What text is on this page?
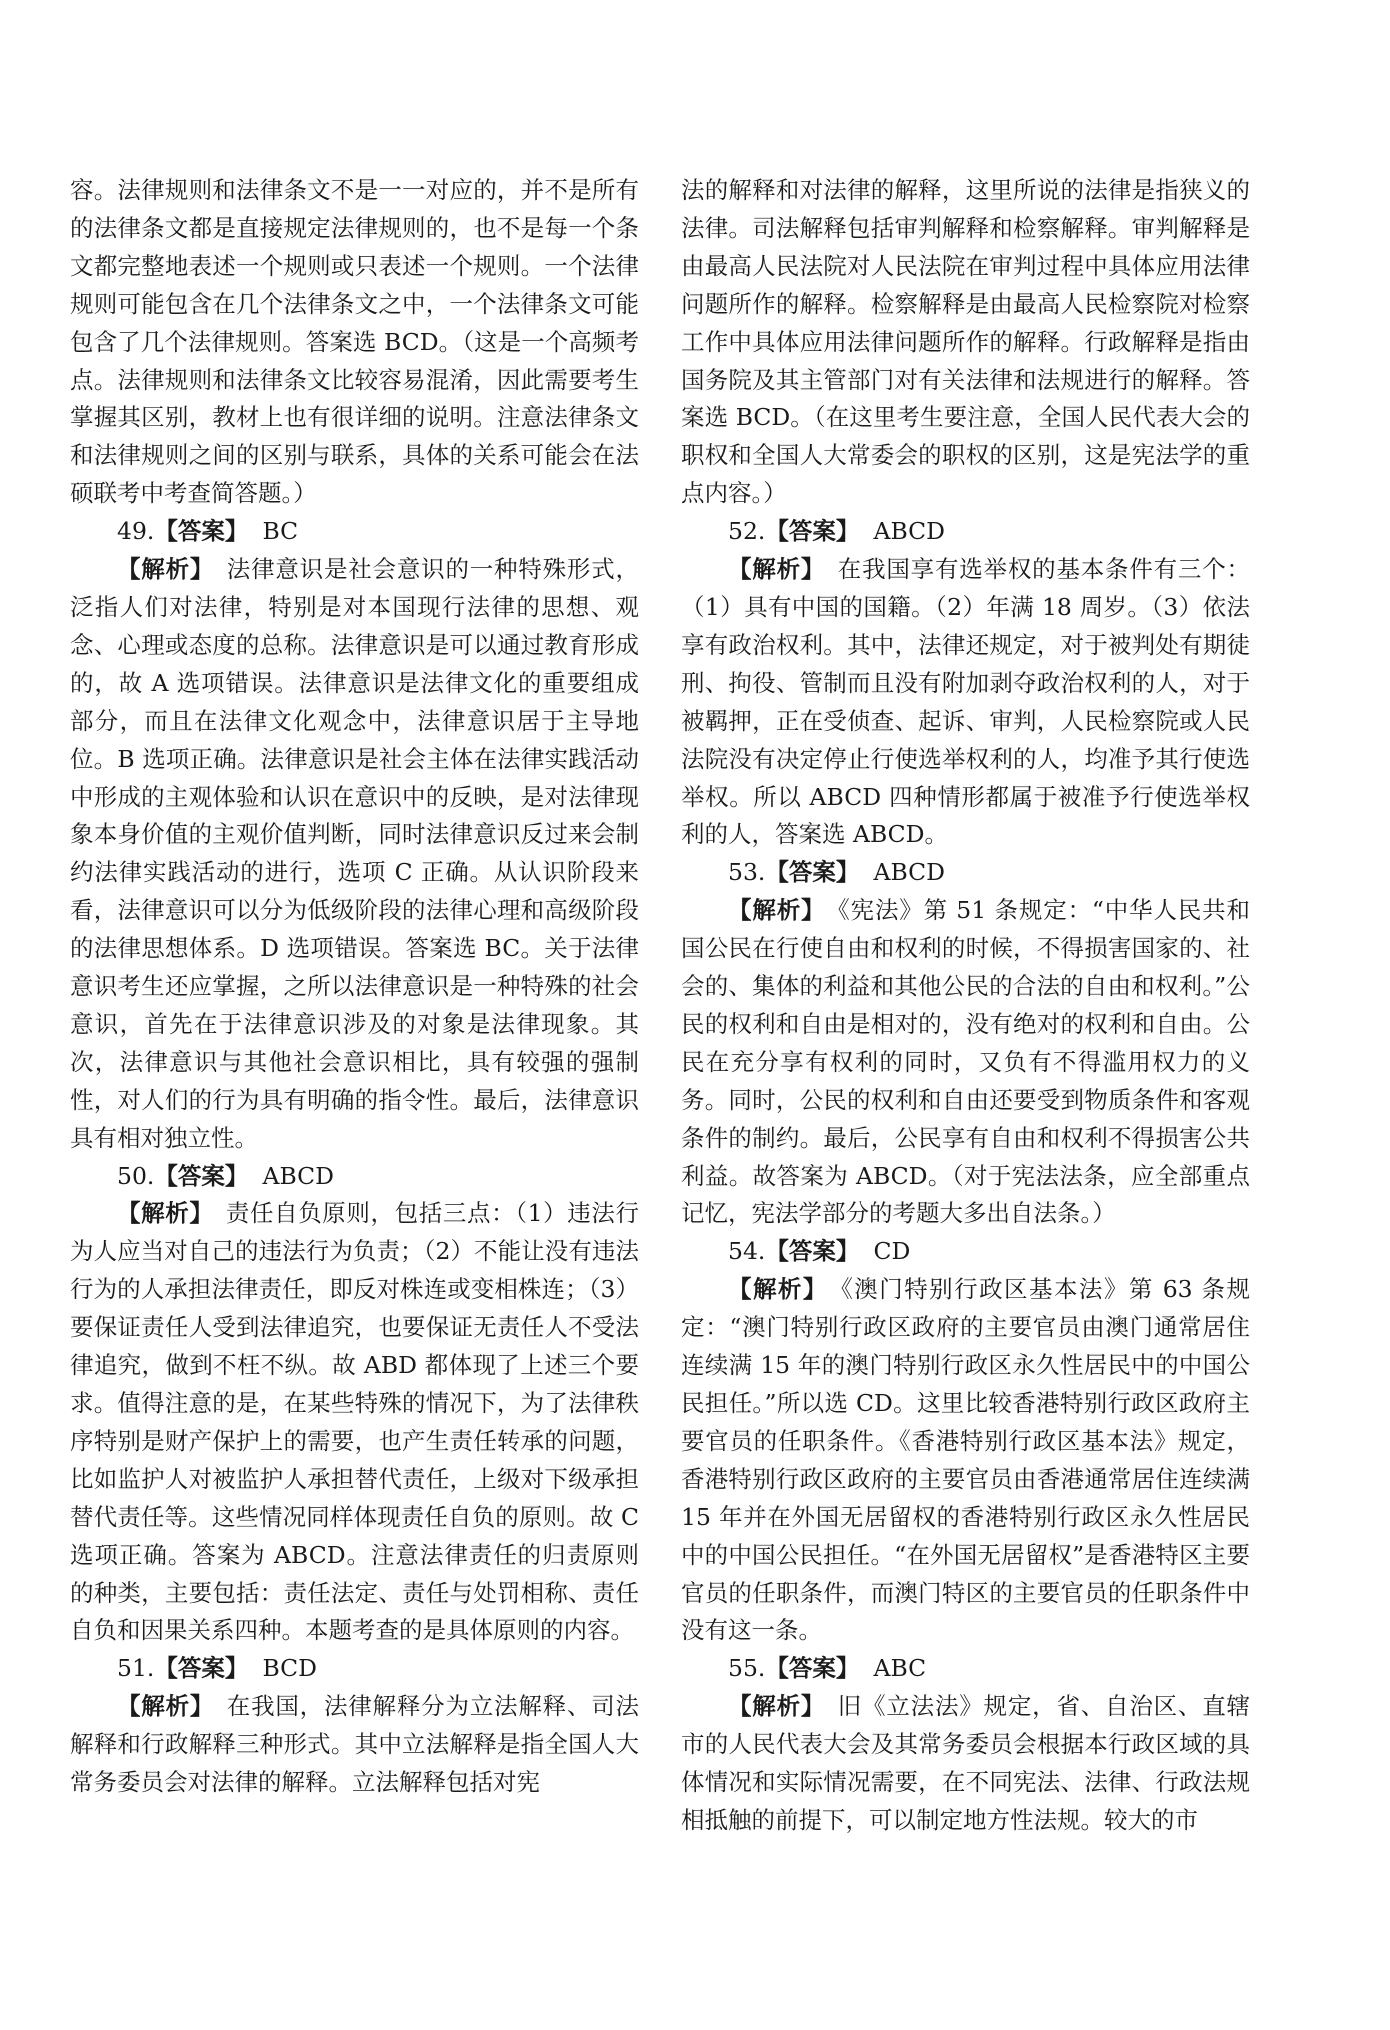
容。法律规则和法律条文不是一一对应的，并不是所有的法律条文都是直接规定法律规则的，也不是每一个条文都完整地表述一个规则或只表述一个规则。一个法律规则可能包含在几个法律条文之中，一个法律条文可能包含了几个法律规则。答案选 BCD。（这是一个高频考点。法律规则和法律条文比较容易混淆，因此需要考生掌握其区别，教材上也有很详细的说明。注意法律条文和法律规则之间的区别与联系，具体的关系可能会在法硕联考中考查简答题。）

49.【答案】 BC

【解析】　 法律意识是社会意识的一种特殊形式，泛指人们对法律，特别是对本国现行法律的思想、观念、心理或态度的总称。法律意识是可以通过教育形成的，故 A 选项错误。法律意识是法律文化的重要组成部分，而且在法律文化观念中，法律意识居于主导地位。B 选项正确。法律意识是社会主体在法律实践活动中形成的主观体验和认识在意识中的反映，是对法律现象本身价值的主观价值判断，同时法律意识反过来会制约法律实践活动的进行，选项 C 正确。从认识阶段来看，法律意识可以分为低级阶段的法律心理和高级阶段的法律思想体系。D 选项错误。答案选 BC。关于法律意识考生还应掌握，之所以法律意识是一种特殊的社会意识，首先在于法律意识涉及的对象是法律现象。其次，法律意识与其他社会意识相比，具有较强的强制性，对人们的行为具有明确的指令性。最后，法律意识具有相对独立性。

50.【答案】 ABCD

【解析】　 责任自负原则，包括三点：（1）违法行为人应当对自己的违法行为负责；（2）不能让没有违法行为的人承担法律责任，即反对株连或变相株连；（3）要保证责任人受到法律追究，也要保证无责任人不受法律追究，做到不枉不纵。故 ABD 都体现了上述三个要求。值得注意的是，在某些特殊的情况下，为了法律秩序特别是财产保护上的需要，也产生责任转承的问题，比如监护人对被监护人承担替代责任，上级对下级承担替代责任等。这些情况同样体现责任自负的原则。故 C 选项正确。答案为 ABCD。注意法律责任的归责原则的种类，主要包括：责任法定、责任与处罚相称、责任自负和因果关系四种。本题考查的是具体原则的内容。

51.【答案】 BCD

【解析】　 在我国，法律解释分为立法解释、司法解释和行政解释三种形式。其中立法解释是指全国人大常务委员会对法律的解释。立法解释包括对宪

法的解释和对法律的解释，这里所说的法律是指狭义的法律。司法解释包括审判解释和检察解释。审判解释是由最高人民法院对人民法院在审判过程中具体应用法律问题所作的解释。检察解释是由最高人民检察院对检察工作中具体应用法律问题所作的解释。行政解释是指由国务院及其主管部门对有关法律和法规进行的解释。答案选 BCD。（在这里考生要注意，全国人民代表大会的职权和全国人大常委会的职权的区别，这是宪法学的重点内容。）

52.【答案】 ABCD

【解析】　 在我国享有选举权的基本条件有三个：（1）具有中国的国籍。（2）年满 18 周岁。（3）依法享有政治权利。其中，法律还规定，对于被判处有期徒刑、拘役、管制而且没有附加剥夺政治权利的人，对于被羁押，正在受侦查、起诉、审判，人民检察院或人民法院没有决定停止行使选举权利的人，均准予其行使选举权。所以 ABCD 四种情形都属于被准予行使选举权利的人，答案选 ABCD。

53.【答案】 ABCD

【解析】　 《宪法》第 51 条规定：“中华人民共和国公民在行使自由和权利的时候，不得损害国家的、社会的、集体的利益和其他公民的合法的自由和权利。”公民的权利和自由是相对的，没有绝对的权利和自由。公民在充分享有权利的同时，又负有不得滥用权力的义务。同时，公民的权利和自由还要受到物质条件和客观条件的制约。最后，公民享有自由和权利不得损害公共利益。故答案为 ABCD。（对于宪法法条，应全部重点记忆，宪法学部分的考题大多出自法条。）

54.【答案】 CD

【解析】　 《澳门特别行政区基本法》第 63 条规定：“澳门特别行政区政府的主要官员由澳门通常居住连续满 15 年的澳门特别行政区永久性居民中的中国公民担任。”所以选 CD。这里比较香港特别行政区政府主要官员的任职条件。《香港特别行政区基本法》规定，香港特别行政区政府的主要官员由香港通常居住连续满 15 年并在外国无居留权的香港特别行政区永久性居民中的中国公民担任。“在外国无居留权”是香港特区主要官员的任职条件，而澳门特区的主要官员的任职条件中没有这一条。

55.【答案】 ABC

【解析】　 旧《立法法》规定，省、自治区、直辖市的人民代表大会及其常务委员会根据本行政区域的具体情况和实际情况需要，在不同宪法、法律、行政法规相抵触的前提下，可以制定地方性法规。较大的市
